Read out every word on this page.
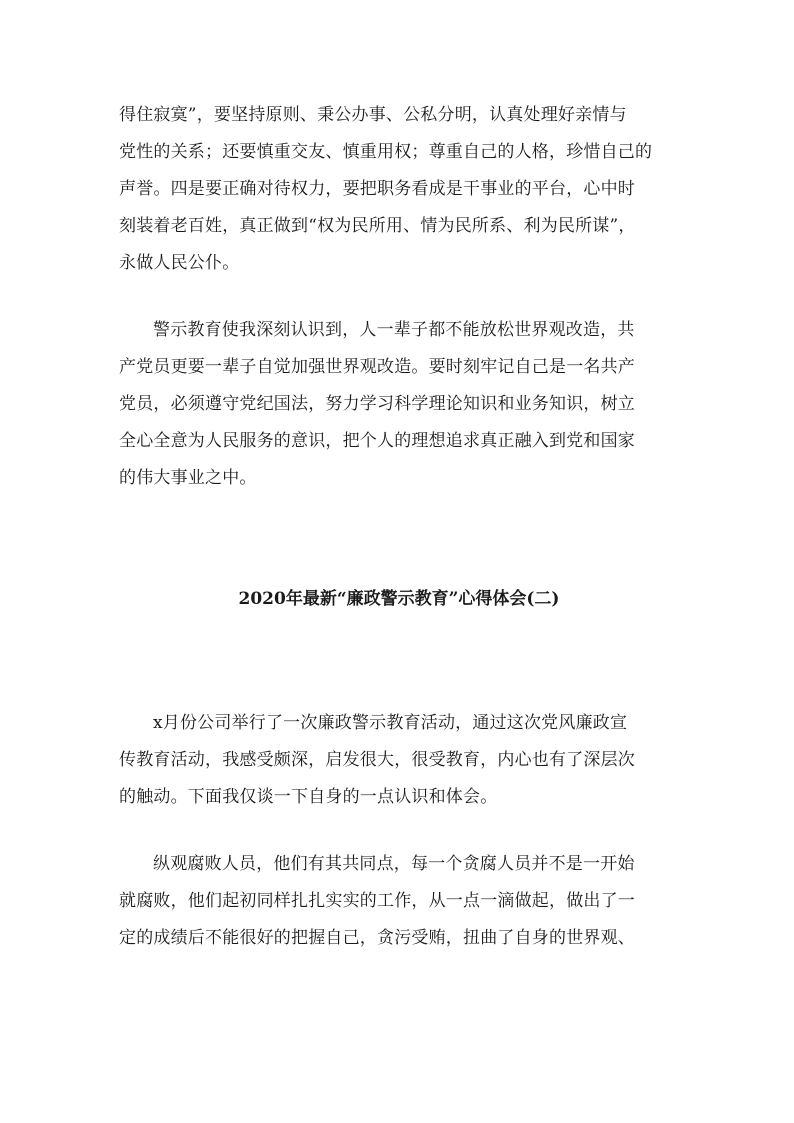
得住寂寞”，要坚持原则、秉公办事、公私分明，认真处理好亲情与
党性的关系；还要慎重交友、慎重用权；尊重自己的人格，珍惜自己的
声誉。四是要正确对待权力，要把职务看成是干事业的平台，心中时
刻装着老百姓，真正做到“权为民所用、情为民所系、利为民所谋”，
永做人民公仆。

警示教育使我深刻认识到，人一辈子都不能放松世界观改造，共
产党员更要一辈子自觉加强世界观改造。要时刻牢记自己是一名共产
党员，必须遵守党纪国法，努力学习科学理论知识和业务知识，树立
全心全意为人民服务的意识，把个人的理想追求真正融入到党和国家
的伟大事业之中。

2020年最新“廉政警示教育”心得体会(二)

x月份公司举行了一次廉政警示教育活动，通过这次党风廉政宣
传教育活动，我感受颇深，启发很大，很受教育，内心也有了深层次
的触动。下面我仅谈一下自身的一点认识和体会。

纵观腐败人员，他们有其共同点，每一个贪腐人员并不是一开始
就腐败，他们起初同样扎扎实实的工作，从一点一滴做起，做出了一
定的成绩后不能很好的把握自己，贪污受贿，扭曲了自身的世界观、
